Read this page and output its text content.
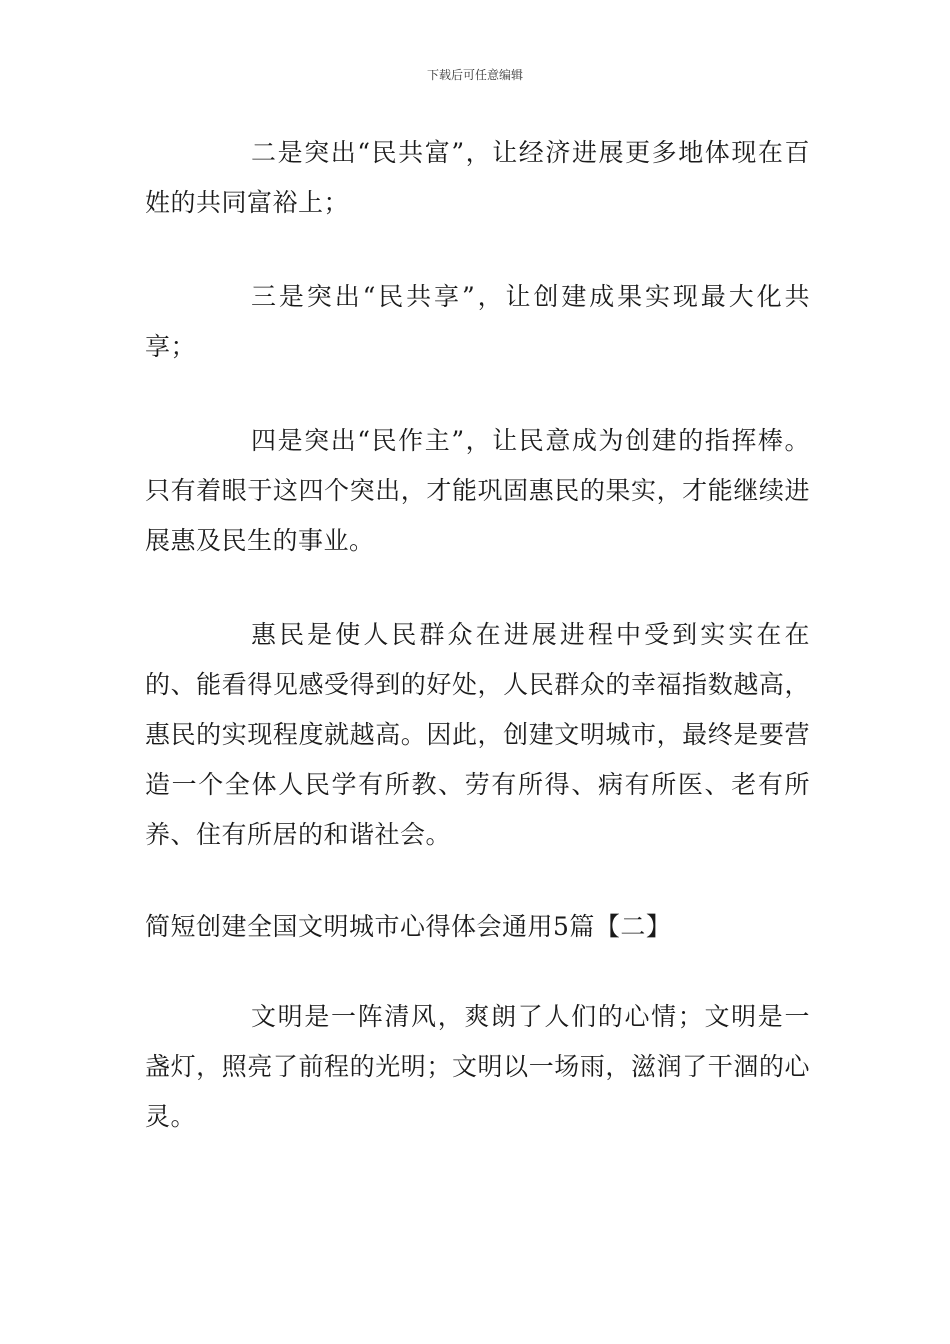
下载后可任意编辑

二是突出“民共富”，让经济进展更多地体现在百姓的共同富裕上；

三是突出“民共享”，让创建成果实现最大化共享；

四是突出“民作主”，让民意成为创建的指挥棒。只有着眼于这四个突出，才能巩固惠民的果实，才能继续进展惠及民生的事业。

惠民是使人民群众在进展进程中受到实实在在的、能看得见感受得到的好处，人民群众的幸福指数越高，惠民的实现程度就越高。因此，创建文明城市，最终是要营造一个全体人民学有所教、劳有所得、病有所医、老有所养、住有所居的和谐社会。

简短创建全国文明城市心得体会通用5篇【二】

文明是一阵清风，爽朗了人们的心情；文明是一盏灯，照亮了前程的光明；文明以一场雨，滋润了干涸的心灵。
